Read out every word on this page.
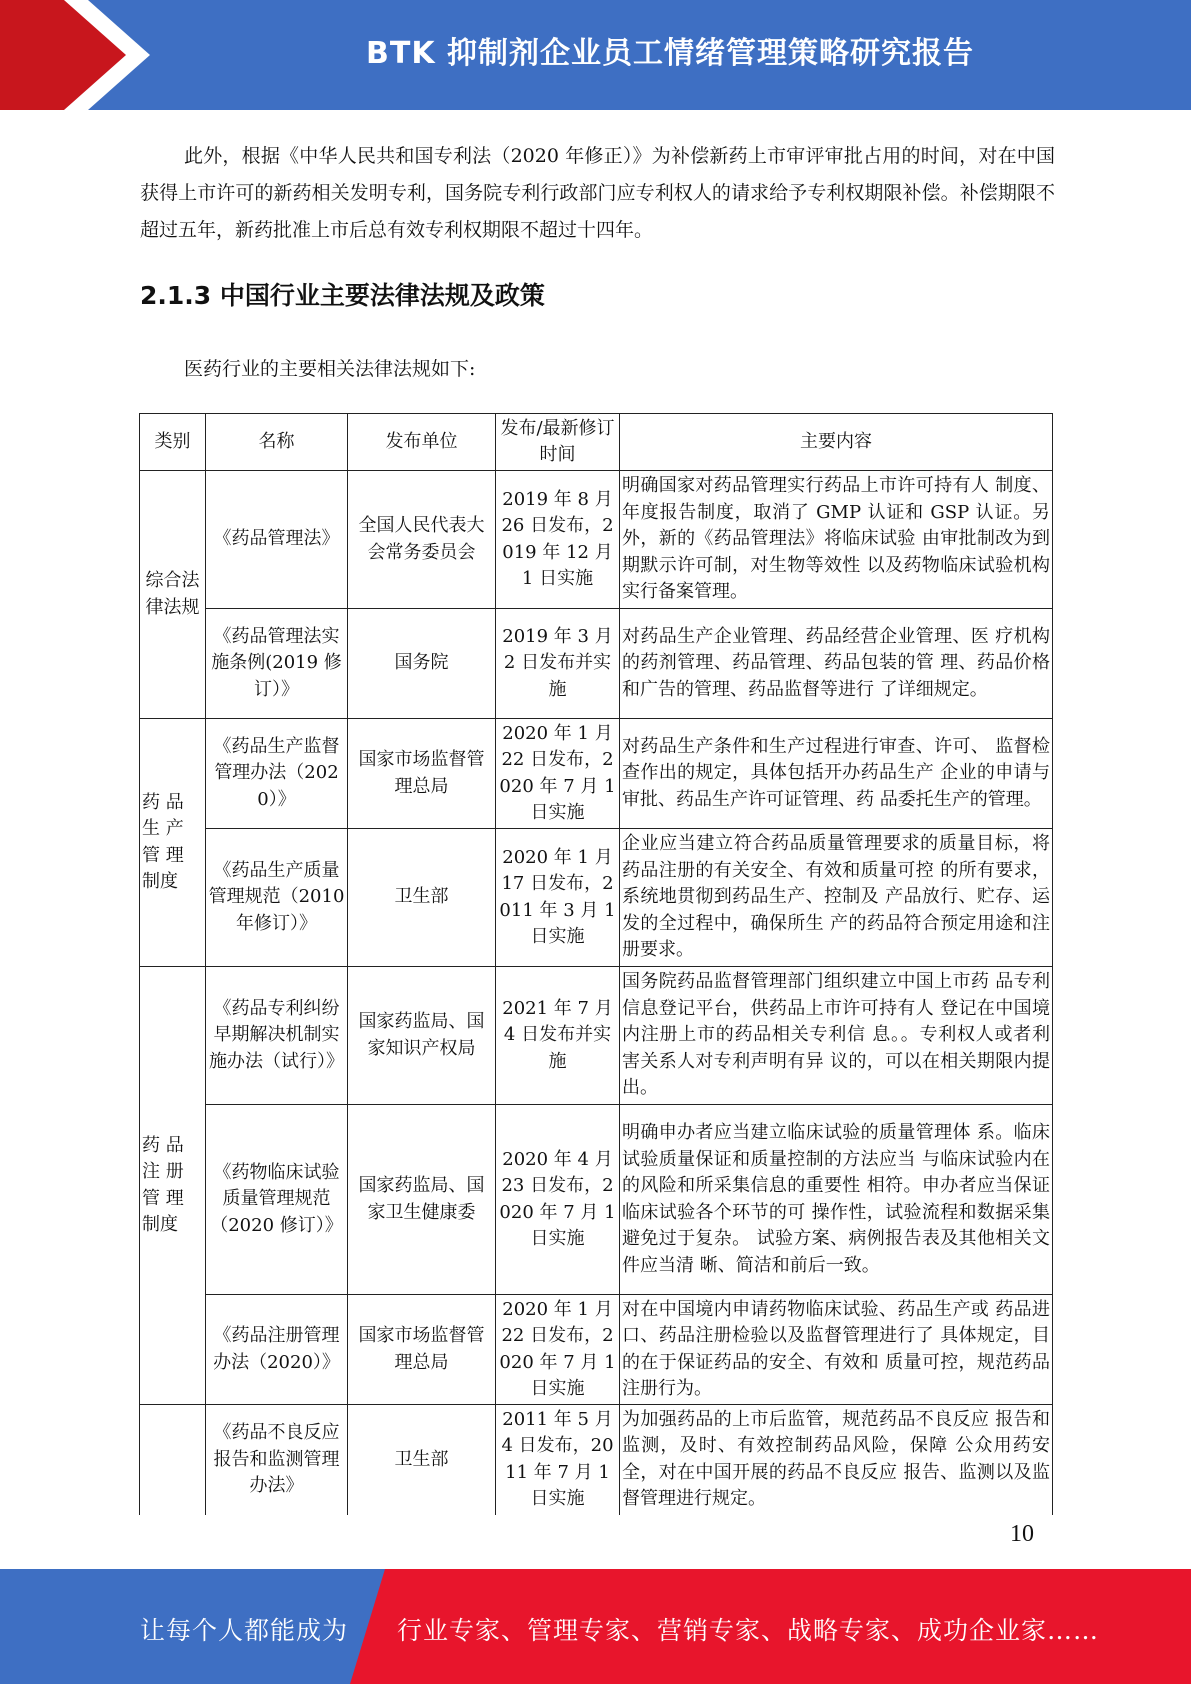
BTK 抑制剂企业员工情绪管理策略研究报告

此外，根据《中华人民共和国专利法（2020 年修正）》为补偿新药上市审评审批占用的时间，对在中国获得上市许可的新药相关发明专利，国务院专利行政部门应专利权人的请求给予专利权期限补偿。补偿期限不超过五年，新药批准上市后总有效专利权期限不超过十四年。

2.1.3 中国行业主要法律法规及政策
医药行业的主要相关法律法规如下:
类别	名称	发布单位	发布/最新修订时间	主要内容
综合法律法规	《药品管理法》	全国人民代表大会常务委员会	2019 年 8 月 26 日发布，2019 年 12 月 1 日实施	明确国家对药品管理实行药品上市许可持有人 制度、年度报告制度，取消了 GMP 认证和 GSP 认证。另外，新的《药品管理法》将临床试验 由审批制改为到期默示许可制，对生物等效性 以及药物临床试验机构实行备案管理。
	《药品管理法实施条例(2019 修订）》	国务院	2019 年 3 月 2 日发布并实施	对药品生产企业管理、药品经营企业管理、医 疗机构的药剂管理、药品管理、药品包装的管 理、药品价格和广告的管理、药品监督等进行 了详细规定。
药 品 生 产 管 理 制度	《药品生产监督管理办法（2020）》	国家市场监督管理总局	2020 年 1 月 22 日发布，2020 年 7 月 1 日实施	对药品生产条件和生产过程进行审查、许可、 监督检查作出的规定，具体包括开办药品生产 企业的申请与审批、药品生产许可证管理、药 品委托生产的管理。
	《药品生产质量管理规范（2010 年修订）》	卫生部	2020 年 1 月 17 日发布，2011 年 3 月 1 日实施	企业应当建立符合药品质量管理要求的质量目标，将药品注册的有关安全、有效和质量可控 的所有要求，系统地贯彻到药品生产、控制及 产品放行、贮存、运发的全过程中，确保所生 产的药品符合预定用途和注册要求。
药 品 注 册 管 理 制度	《药品专利纠纷早期解决机制实施办法（试行）》	国家药监局、国家知识产权局	2021 年 7 月 4 日发布并实施	国务院药品监督管理部门组织建立中国上市药 品专利信息登记平台，供药品上市许可持有人 登记在中国境内注册上市的药品相关专利信 息。。专利权人或者利害关系人对专利声明有异 议的，可以在相关期限内提出。
	《药物临床试验质量管理规范（2020 修订）》	国家药监局、国家卫生健康委	2020 年 4 月 23 日发布，2020 年 7 月 1 日实施	明确申办者应当建立临床试验的质量管理体 系。临床试验质量保证和质量控制的方法应当 与临床试验内在的风险和所采集信息的重要性 相符。申办者应当保证临床试验各个环节的可 操作性，试验流程和数据采集避免过于复杂。 试验方案、病例报告表及其他相关文件应当清 晰、简洁和前后一致。
	《药品注册管理办法（2020）》	国家市场监督管理总局	2020 年 1 月 22 日发布，2020 年 7 月 1 日实施	对在中国境内申请药物临床试验、药品生产或 药品进口、药品注册检验以及监督管理进行了 具体规定，目的在于保证药品的安全、有效和 质量可控，规范药品注册行为。
	《药品不良反应报告和监测管理办法》	卫生部	2011 年 5 月 4 日发布，2011 年 7 月 1 日实施	为加强药品的上市后监管，规范药品不良反应 报告和监测，及时、有效控制药品风险，保障 公众用药安全，对在中国开展的药品不良反应 报告、监测以及监督管理进行规定。
10
让每个人都能成为 行业专家、管理专家、营销专家、战略专家、成功企业家……
